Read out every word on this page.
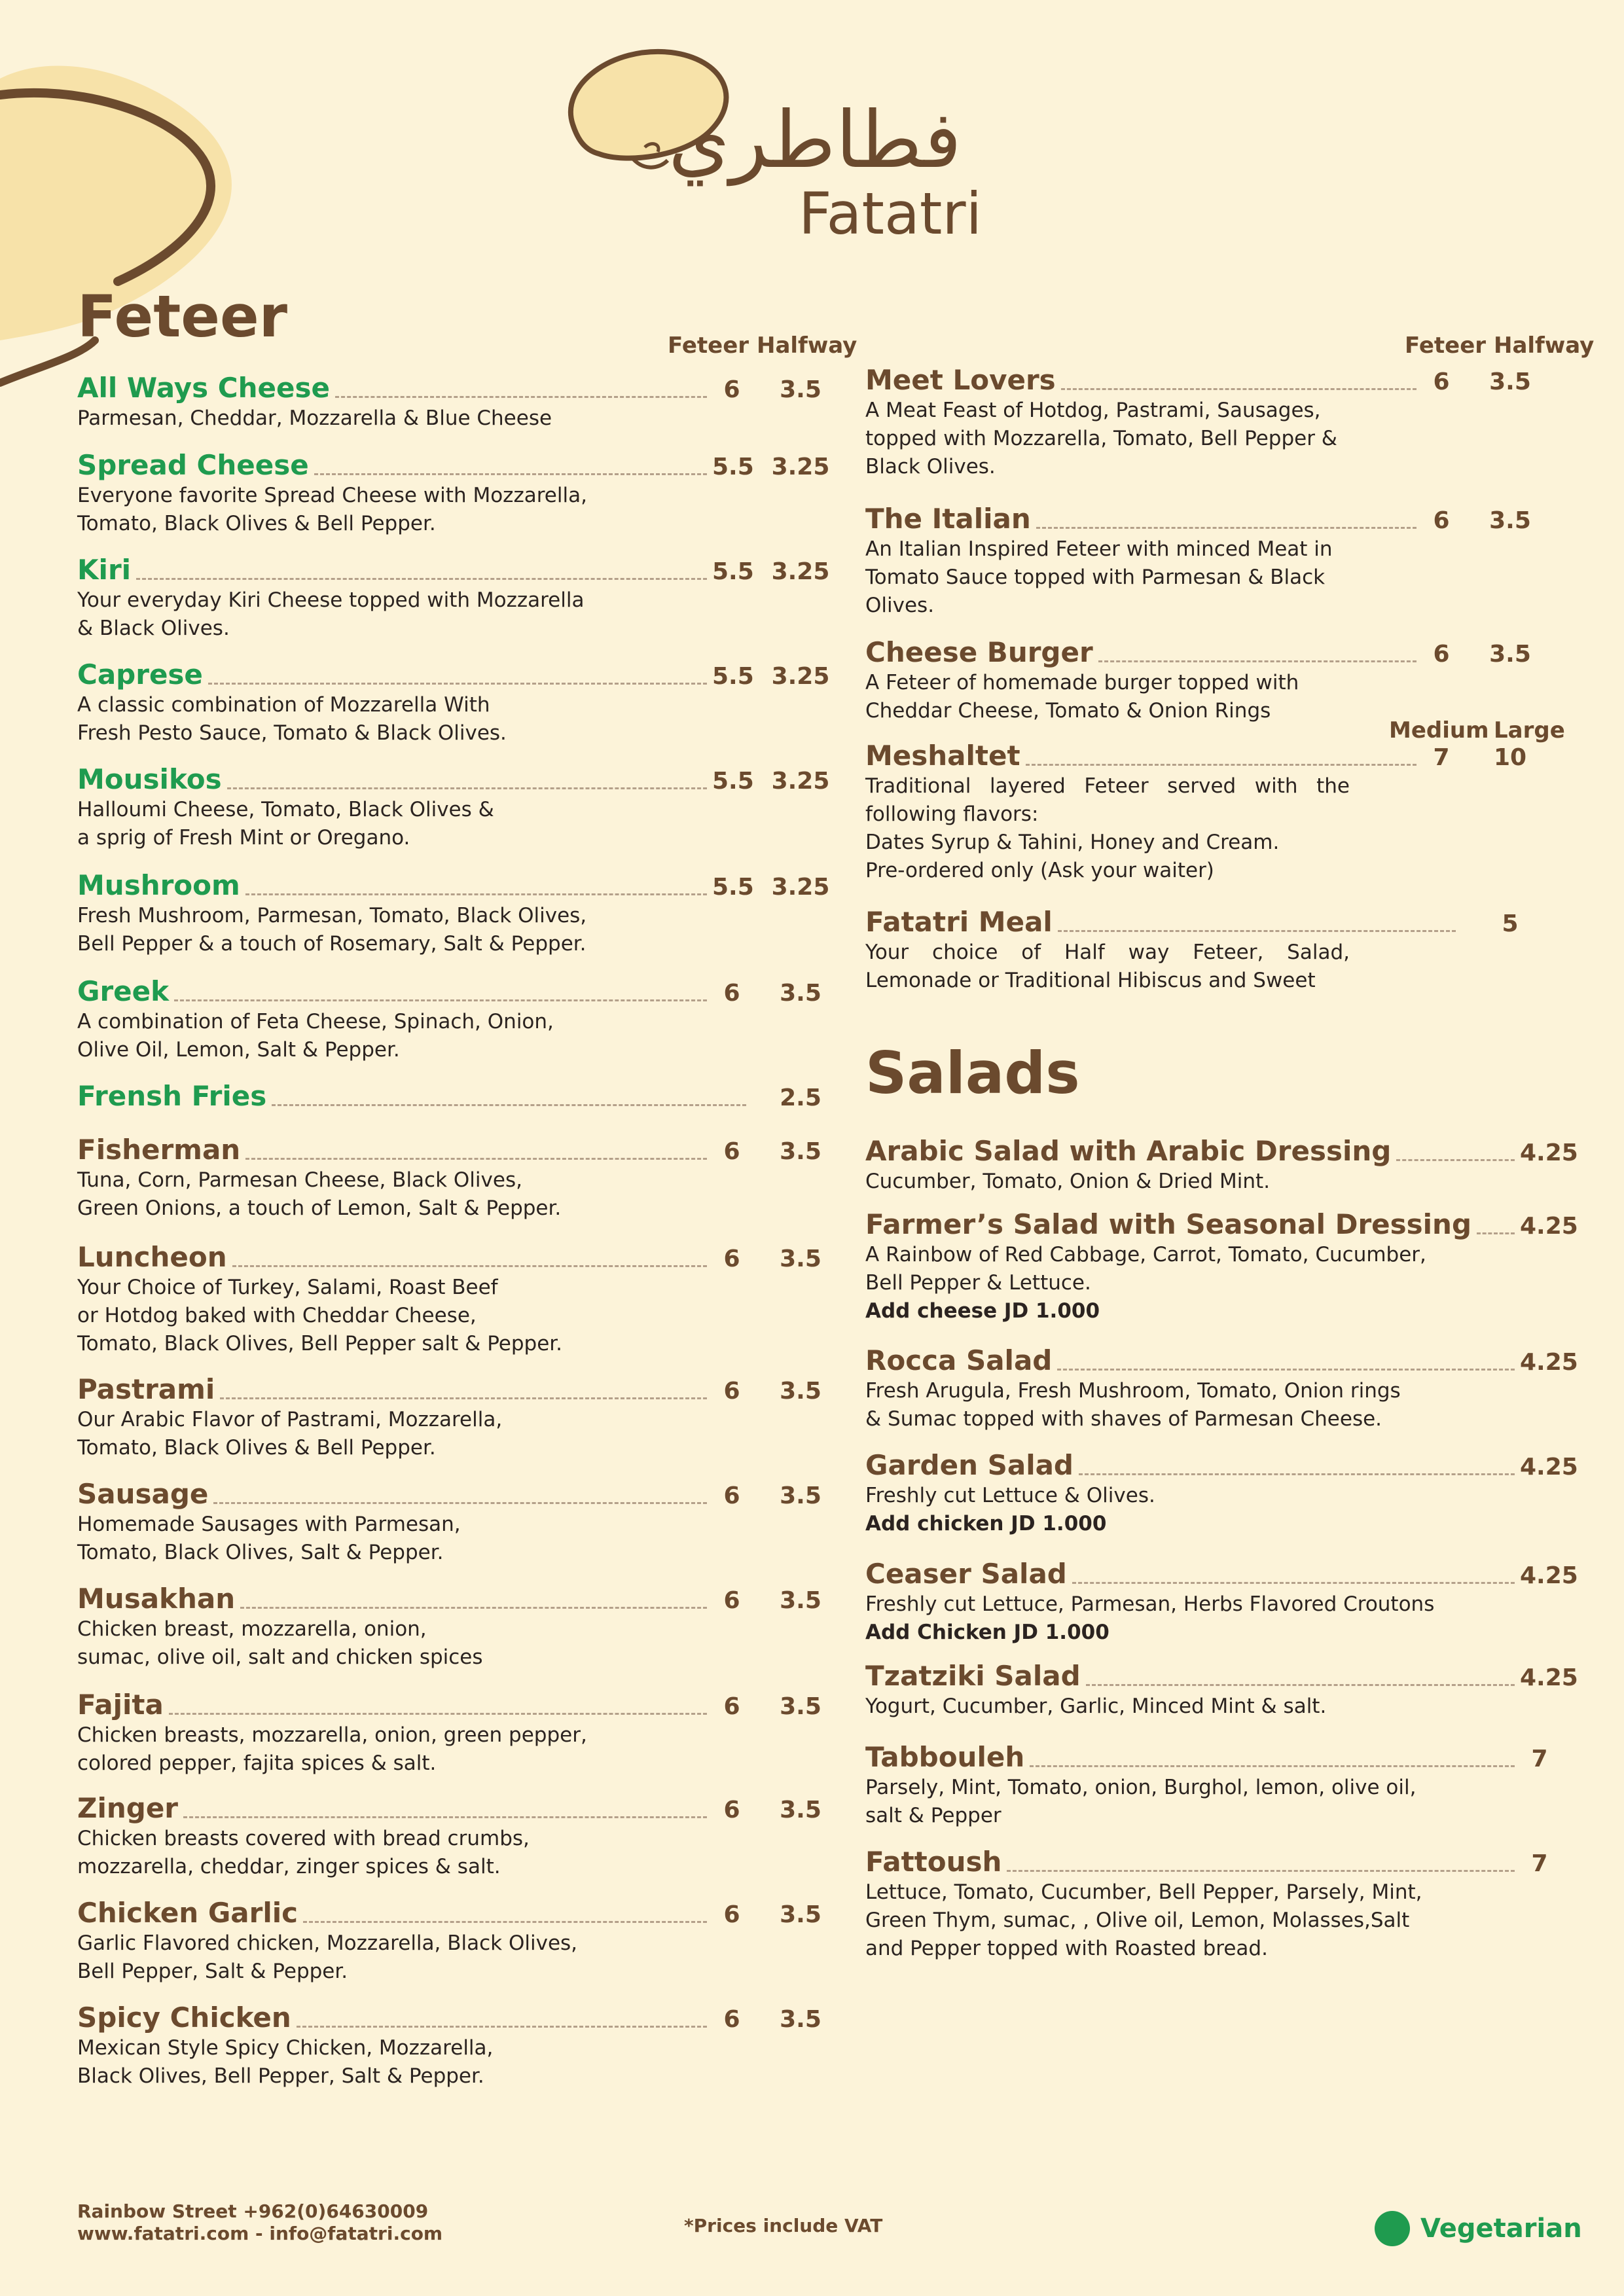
فطاطري
Fatatri
Feteer	Feteer Halfway
All Ways Cheese	6	3.5
Parmesan, Cheddar, Mozzarella & Blue Cheese
Spread Cheese	5.5 3.25
Everyone favorite Spread Cheese with Mozzarella,
Tomato, Black Olives & Bell Pepper.
Kiri	5.5 3.25
Your everyday Kiri Cheese topped with Mozzarella
& Black Olives.
Caprese	5.5 3.25
A classic combination of Mozzarella With
Fresh Pesto Sauce, Tomato & Black Olives.
Mousikos	5.5 3.25
Halloumi Cheese, Tomato, Black Olives &
a sprig of Fresh Mint or Oregano.
Mushroom	5.5 3.25
Fresh Mushroom, Parmesan, Tomato, Black Olives,
Bell Pepper & a touch of Rosemary, Salt & Pepper.
Greek	6	3.5
A combination of Feta Cheese, Spinach, Onion,
Olive Oil, Lemon, Salt & Pepper.
Frensh Fries	2.5
Fisherman	6	3.5
Tuna, Corn, Parmesan Cheese, Black Olives,
Green Onions, a touch of Lemon, Salt & Pepper.
Luncheon	6	3.5
Your Choice of Turkey, Salami, Roast Beef
or Hotdog baked with Cheddar Cheese,
Tomato, Black Olives, Bell Pepper salt & Pepper.
Pastrami	6	3.5
Our Arabic Flavor of Pastrami, Mozzarella,
Tomato, Black Olives & Bell Pepper.
Sausage	6	3.5
Homemade Sausages with Parmesan,
Tomato, Black Olives, Salt & Pepper.
Musakhan	6	3.5
Chicken breast, mozzarella, onion,
sumac, olive oil, salt and chicken spices
Fajita	6	3.5
Chicken breasts, mozzarella, onion, green pepper,
colored pepper, fajita spices & salt.
Zinger	6	3.5
Chicken breasts covered with bread crumbs,
mozzarella, cheddar, zinger spices & salt.
Chicken Garlic	6	3.5
Garlic Flavored chicken, Mozzarella, Black Olives,
Bell Pepper, Salt & Pepper.
Spicy Chicken	6	3.5
Mexican Style Spicy Chicken, Mozzarella,
Black Olives, Bell Pepper, Salt & Pepper.
Feteer Halfway
Medium Large
Meet Lovers	6	3.5
A Meat Feast of Hotdog, Pastrami, Sausages,
topped with Mozzarella, Tomato, Bell Pepper &
Black Olives.
The Italian	6	3.5
An Italian Inspired Feteer with minced Meat in
Tomato Sauce topped with Parmesan & Black
Olives.
Cheese Burger	6	3.5
A Feteer of homemade burger topped with
Cheddar Cheese, Tomato & Onion Rings
Meshaltet	7	10
Traditional layered Feteer served with the following flavors:
Dates Syrup & Tahini, Honey and Cream.
Pre-ordered only (Ask your waiter)
Fatatri Meal	5
Your choice of Half way Feteer, Salad, Lemonade or Traditional Hibiscus and Sweet
Salads
Arabic Salad with Arabic Dressing	4.25
Cucumber, Tomato, Onion & Dried Mint.
Farmer’s Salad with Seasonal Dressing 4.25
A Rainbow of Red Cabbage, Carrot, Tomato, Cucumber,
Bell Pepper & Lettuce.
Add cheese JD 1.000
Rocca Salad	4.25
Fresh Arugula, Fresh Mushroom, Tomato, Onion rings
& Sumac topped with shaves of Parmesan Cheese.
Garden Salad	4.25
Freshly cut Lettuce & Olives.
Add chicken JD 1.000
Ceaser Salad	4.25
Freshly cut Lettuce, Parmesan, Herbs Flavored Croutons
Add Chicken JD 1.000
Tzatziki Salad	4.25
Yogurt, Cucumber, Garlic, Minced Mint & salt.
Tabbouleh	7
Parsely, Mint, Tomato, onion, Burghol, lemon, olive oil,
salt & Pepper
Fattoush	7
Lettuce, Tomato, Cucumber, Bell Pepper, Parsely, Mint,
Green Thym, sumac, , Olive oil, Lemon, Molasses,Salt
and Pepper topped with Roasted bread.
Rainbow Street +962(0)64630009
www.fatatri.com - info@fatatri.com	*Prices include VAT	Vegetarian
